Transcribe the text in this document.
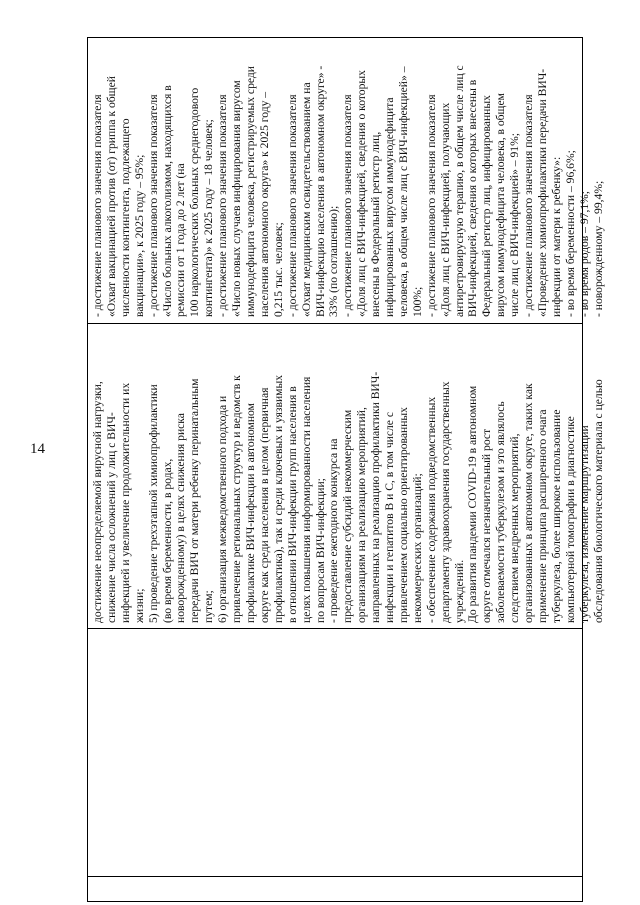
14	достижение неопределяемой вирусной нагрузки, снижение числа осложнений у лиц с ВИЧ- инфекцией и увеличение продолжительности их жизни; 5) проведение трехэтапной химиопрофилактики (во время беременности, в родах, новорожденному) в целях снижения риска передачи ВИЧ от матери ребенку перинатальным путем; 6) организация межведомственного подхода и привлечение региональных структур и ведомств к профилактике ВИЧ-инфекции в автономном округе как среди населения в целом (первичная профилактика), так и среди ключевых и уязвимых в отношении ВИЧ-инфекции групп населения в целях повышения информированности населения по вопросам ВИЧ-инфекции; - проведение ежегодного конкурса на предоставление субсидий некоммерческим организациям на реализацию мероприятий, направленных на реализацию профилактики ВИЧ- инфекции и гепатитов В и С, в том числе с привлечением социально ориентированных некоммерческих организаций; - обеспечение содержания подведомственных департаменту здравоохранения государственных учреждений. До развития пандемии COVID-19 в автономном округе отмечался незначительный рост заболеваемости туберкулезом и это являлось следствием внедренных мероприятий, организованных в автономном округе, таких как применение принципа расширенного очага туберкулеза, более широкое использование компьютерной томографии в диагностике туберкулеза, изменение маршрутизации обследования биологического материала с целью

- достижение планового значения показателя «Охват вакцинацией против (от) гриппа к общей численности контингента, подлежащего вакцинации», к 2025 году – 95%; - достижение планового значения показателя «Число больных алкоголизмом, находящихся в ремиссии от 1 года до 2 лет (на 100 наркологических больных среднегодового контингента)» к 2025 году – 18 человек; - достижение планового значения показателя «Число новых случаев инфицирования вирусом иммунодефицита человека, регистрируемых среди населения автономного округа» к 2025 году – 0,215 тыс. человек; - достижение планового значения показателя «Охват медицинским освидетельствованием на ВИЧ-инфекцию населения в автономном округе» - 33% (по соглашению); - достижение планового значения показателя «Доля лиц с ВИЧ-инфекцией, сведения о которых внесены в Федеральный регистр лиц, инфицированных вирусом иммунодефицита человека, в общем числе лиц с ВИЧ-инфекцией» – 100%; - достижение планового значения показателя «Доля лиц с ВИЧ-инфекцией, получающих антиретровирусную терапию, в общем числе лиц с ВИЧ-инфекцией, сведения о которых внесены в Федеральный регистр лиц, инфицированных вирусом иммунодефицита человека, в общем числе лиц с ВИЧ-инфекцией» – 91%; - достижение планового значения показателя «Проведение химиопрофилактики передачи ВИЧ- инфекции от матери к ребенку»: - во время беременности – 96,6%; - во время родов – 97,1%; - новорожденному – 99,4%;
